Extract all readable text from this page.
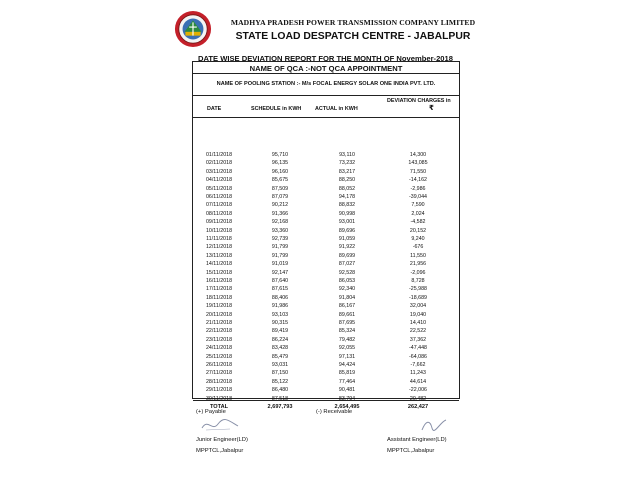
MADHYA PRADESH POWER TRANSMISSION COMPANY LIMITED
STATE LOAD DESPATCH CENTRE - JABALPUR
DATE WISE DEVIATION REPORT FOR THE MONTH OF November-2018
NAME OF QCA :-NOT QCA APPOINTMENT
NAME OF POOLING STATION :- M/s FOCAL ENERGY SOLAR ONE INDIA PVT. LTD.
DATE	SCHEDULE in KWH	ACTUAL in KWH
DEVIATION CHARGES in
₹
01/11/2018	95,710	93,110	14,300
02/11/2018	96,135	73,232	143,085
03/11/2018	96,160	83,217	71,550
04/11/2018	85,675	88,250	-14,162
05/11/2018	87,509	88,052	-2,986
06/11/2018	87,079	94,178	-39,044
07/11/2018	90,212	88,832	7,590
08/11/2018	91,366	90,998	2,024
09/11/2018	92,168	93,001	-4,582
10/11/2018	93,360	89,696	20,152
11/11/2018	92,739	91,059	9,240
12/11/2018	91,799	91,922	-676
13/11/2018	91,799	89,699	11,550
14/11/2018	91,019	87,027	21,956
15/11/2018	92,147	92,528	-2,096
16/11/2018	87,640	86,053	8,728
17/11/2018	87,615	92,340	-25,988
18/11/2018	88,406	91,804	-18,689
19/11/2018	91,986	86,167	32,004
20/11/2018	93,103	89,661	19,040
21/11/2018	90,315	87,695	14,410
22/11/2018	89,419	85,324	22,522
23/11/2018	86,224	79,482	37,362
24/11/2018	83,428	92,055	-47,448
25/11/2018	85,479	97,131	-64,086
26/11/2018	93,031	94,424	-7,662
27/11/2018	87,150	85,819	11,243
28/11/2018	85,122	77,464	44,614
29/11/2018	86,480	90,481	-22,006
30/11/2018	87,518	83,794	20,482
TOTAL	2,697,793	2,654,495	262,427
(+) Payable	(-) Receivable
Junior Engineer(LD)
MPPTCL,Jabalpur
Assistant Engineer(LD)
MPPTCL,Jabalpur
